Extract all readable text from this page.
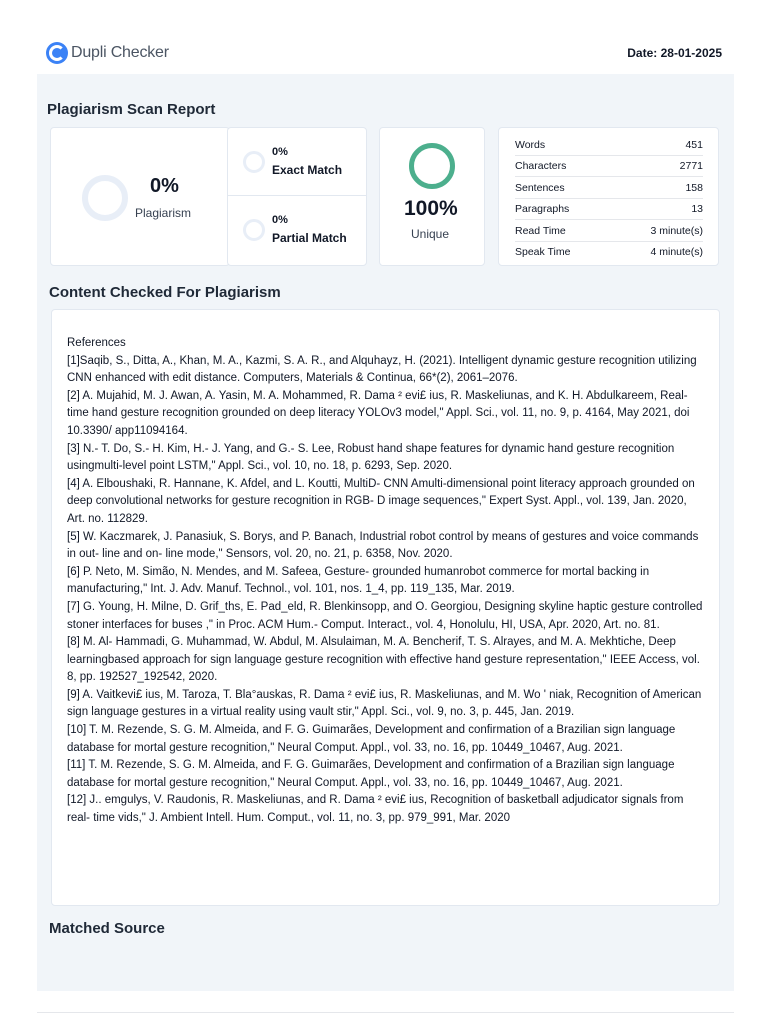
Dupli Checker	Date: 28-01-2025
Plagiarism Scan Report
0%
Plagiarism
0%
Exact Match
0%
Partial Match
100%
Unique
Words	451
Characters	2771
Sentences	158
Paragraphs	13
Read Time	3 minute(s)
Speak Time	4 minute(s)
Content Checked For Plagiarism

References

[1]Saqib, S., Ditta, A., Khan, M. A., Kazmi, S. A. R., and Alquhayz, H. (2021). Intelligent dynamic gesture recognition utilizing CNN enhanced with edit distance. Computers, Materials & Continua, 66*(2), 2061–2076.

[2] A. Mujahid, M. J. Awan, A. Yasin, M. A. Mohammed, R. Dama ² evi£ ius, R. Maskeliunas, and K. H. Abdulkareem, Real- time hand gesture recognition grounded on deep literacy YOLOv3 model," Appl. Sci., vol. 11, no. 9, p. 4164, May 2021, doi 10.3390/ app11094164.

[3] N.- T. Do, S.- H. Kim, H.- J. Yang, and G.- S. Lee, Robust hand shape features for dynamic hand gesture recognition usingmulti-level point LSTM," Appl. Sci., vol. 10, no. 18, p. 6293, Sep. 2020.

[4] A. Elboushaki, R. Hannane, K. Afdel, and L. Koutti, MultiD- CNN Amulti-dimensional point literacy approach grounded on deep convolutional networks for gesture recognition in RGB- D image sequences," Expert Syst. Appl., vol. 139, Jan. 2020, Art. no. 112829.

[5] W. Kaczmarek, J. Panasiuk, S. Borys, and P. Banach, Industrial robot control by means of gestures and voice commands in out- line and on- line mode," Sensors, vol. 20, no. 21, p. 6358, Nov. 2020.

[6] P. Neto, M. Simão, N. Mendes, and M. Safeea, Gesture- grounded humanrobot commerce for mortal backing in manufacturing," Int. J. Adv. Manuf. Technol., vol. 101, nos. 1_4, pp. 119_135, Mar. 2019.

[7] G. Young, H. Milne, D. Grif_ths, E. Pad_eld, R. Blenkinsopp, and O. Georgiou, Designing skyline haptic gesture controlled stoner interfaces for buses ," in Proc. ACM Hum.- Comput. Interact., vol. 4, Honolulu, HI, USA, Apr. 2020, Art. no. 81.

[8] M. Al- Hammadi, G. Muhammad, W. Abdul, M. Alsulaiman, M. A. Bencherif, T. S. Alrayes, and M. A. Mekhtiche, Deep learningbased approach for sign language gesture recognition with effective hand gesture representation," IEEE Access, vol. 8, pp. 192527_192542, 2020.

[9] A. Vaitkevi£ ius, M. Taroza, T. Bla°auskas, R. Dama ² evi£ ius, R. Maskeliunas, and M. Wo ' niak, Recognition of American sign language gestures in a virtual reality using vault stir," Appl. Sci., vol. 9, no. 3, p. 445, Jan. 2019.

[10] T. M. Rezende, S. G. M. Almeida, and F. G. Guimarães, Development and confirmation of a Brazilian sign language database for mortal gesture recognition," Neural Comput. Appl., vol. 33, no. 16, pp. 10449_10467, Aug. 2021.

[11] T. M. Rezende, S. G. M. Almeida, and F. G. Guimarães, Development and confirmation of a Brazilian sign language database for mortal gesture recognition," Neural Comput. Appl., vol. 33, no. 16, pp. 10449_10467, Aug. 2021.

[12] J.. emgulys, V. Raudonis, R. Maskeliunas, and R. Dama ² evi£ ius, Recognition of basketball adjudicator signals from real- time vids," J. Ambient Intell. Hum. Comput., vol. 11, no. 3, pp. 979_991, Mar. 2020

Matched Source
